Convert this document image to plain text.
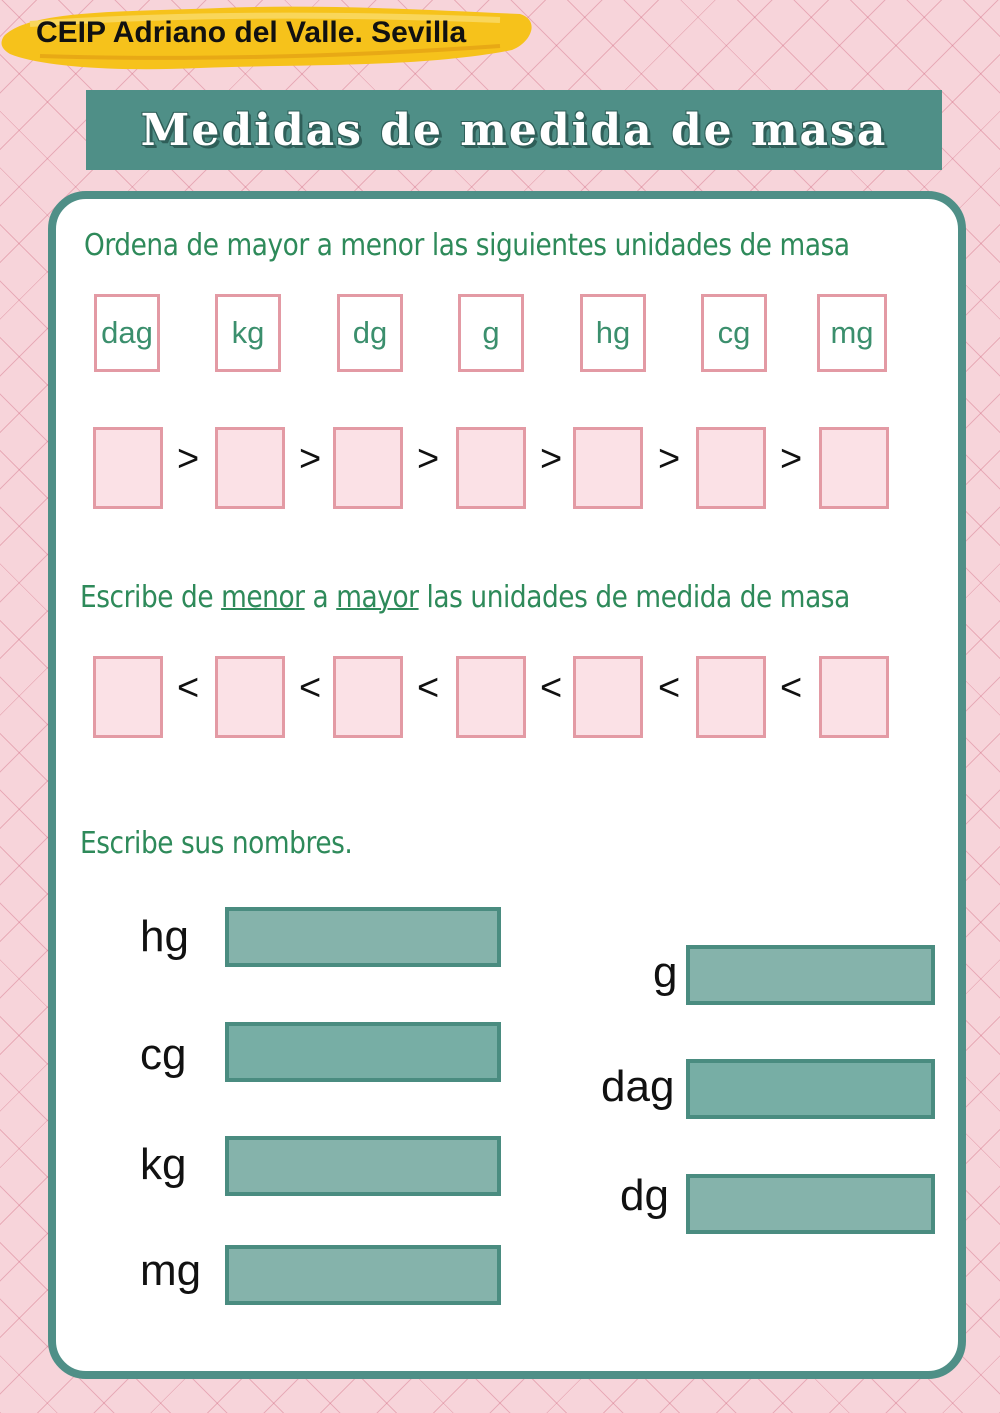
CEIP Adriano del Valle. Sevilla
Medidas de medida de masa
Ordena de mayor a menor las siguientes unidades de masa
dag	kg	dg	g	hg	cg	mg
>	>	>	>	>	>
Escribe de menor a mayor las unidades de medida de masa
<	<	<	<	<	<
Escribe sus nombres.
hg
cg
kg
mg
g
dag
dg
